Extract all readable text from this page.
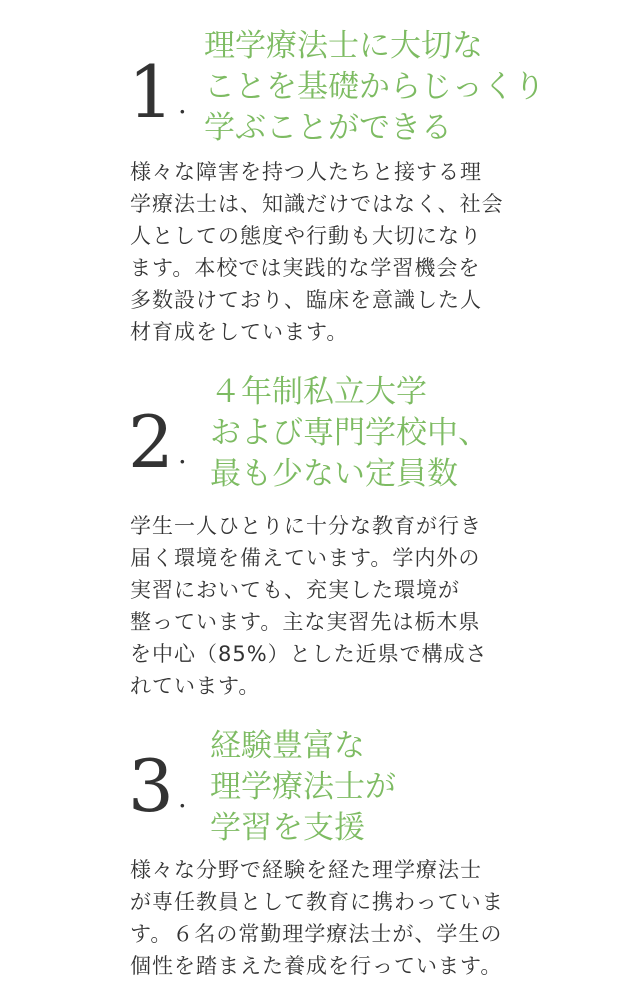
1 .
理学療法士に大切な
ことを基礎からじっくり
学ぶことができる
様々な障害を持つ人たちと接する理
学療法士は、知識だけではなく、社会
人としての態度や行動も大切になり
ます。本校では実践的な学習機会を
多数設けており、臨床を意識した人
材育成をしています。
2 .
４年制私立大学
および専門学校中、
最も少ない定員数
学生一人ひとりに十分な教育が行き
届く環境を備えています。学内外の
実習においても、充実した環境が
整っています。主な実習先は栃木県
を中心（85%）とした近県で構成さ
れています。
3 .
経験豊富な
理学療法士が
学習を支援
様々な分野で経験を経た理学療法士
が専任教員として教育に携わっていま
す。６名の常勤理学療法士が、学生の
個性を踏まえた養成を行っています。
